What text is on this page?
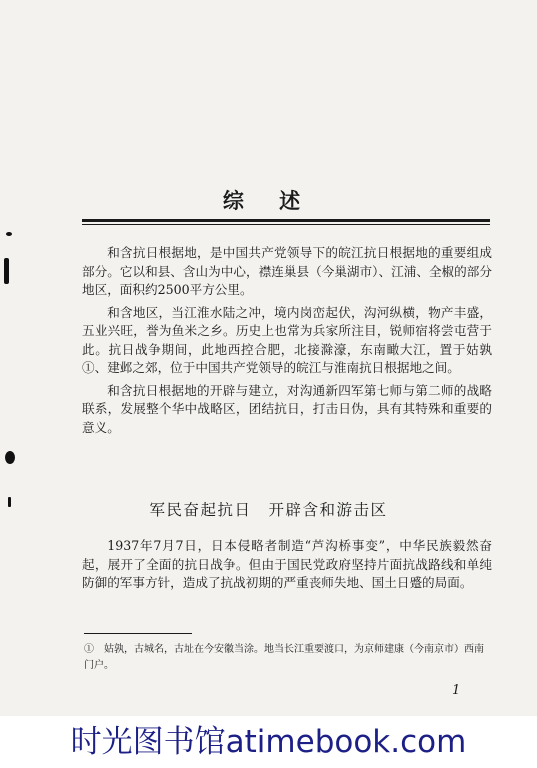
综 述

和含抗日根据地，是中国共产党领导下的皖江抗日根据地的重要组成部分。它以和县、含山为中心，襟连巢县（今巢湖市）、江浦、全椒的部分地区，面积约2500平方公里。

和含地区，当江淮水陆之冲，境内岗峦起伏，沟河纵横，物产丰盛，五业兴旺，誉为鱼米之乡。历史上也常为兵家所注目，锐师宿将尝屯营于此。抗日战争期间，此地西控合肥，北接滁濠，东南瞰大江，置于姑孰①、建邺之郊，位于中国共产党领导的皖江与淮南抗日根据地之间。

和含抗日根据地的开辟与建立，对沟通新四军第七师与第二师的战略联系，发展整个华中战略区，团结抗日，打击日伪，具有其特殊和重要的意义。

军民奋起抗日　开辟含和游击区

1937年7月7日，日本侵略者制造“芦沟桥事变”，中华民族毅然奋起，展开了全面的抗日战争。但由于国民党政府坚持片面抗战路线和单纯防御的军事方针，造成了抗战初期的严重丧师失地、国土日蹙的局面。

①　姑孰，古城名，古址在今安徽当涂。地当长江重要渡口，为京师建康（今南京市）西南门户。
1
时光图书馆atimebook.com
